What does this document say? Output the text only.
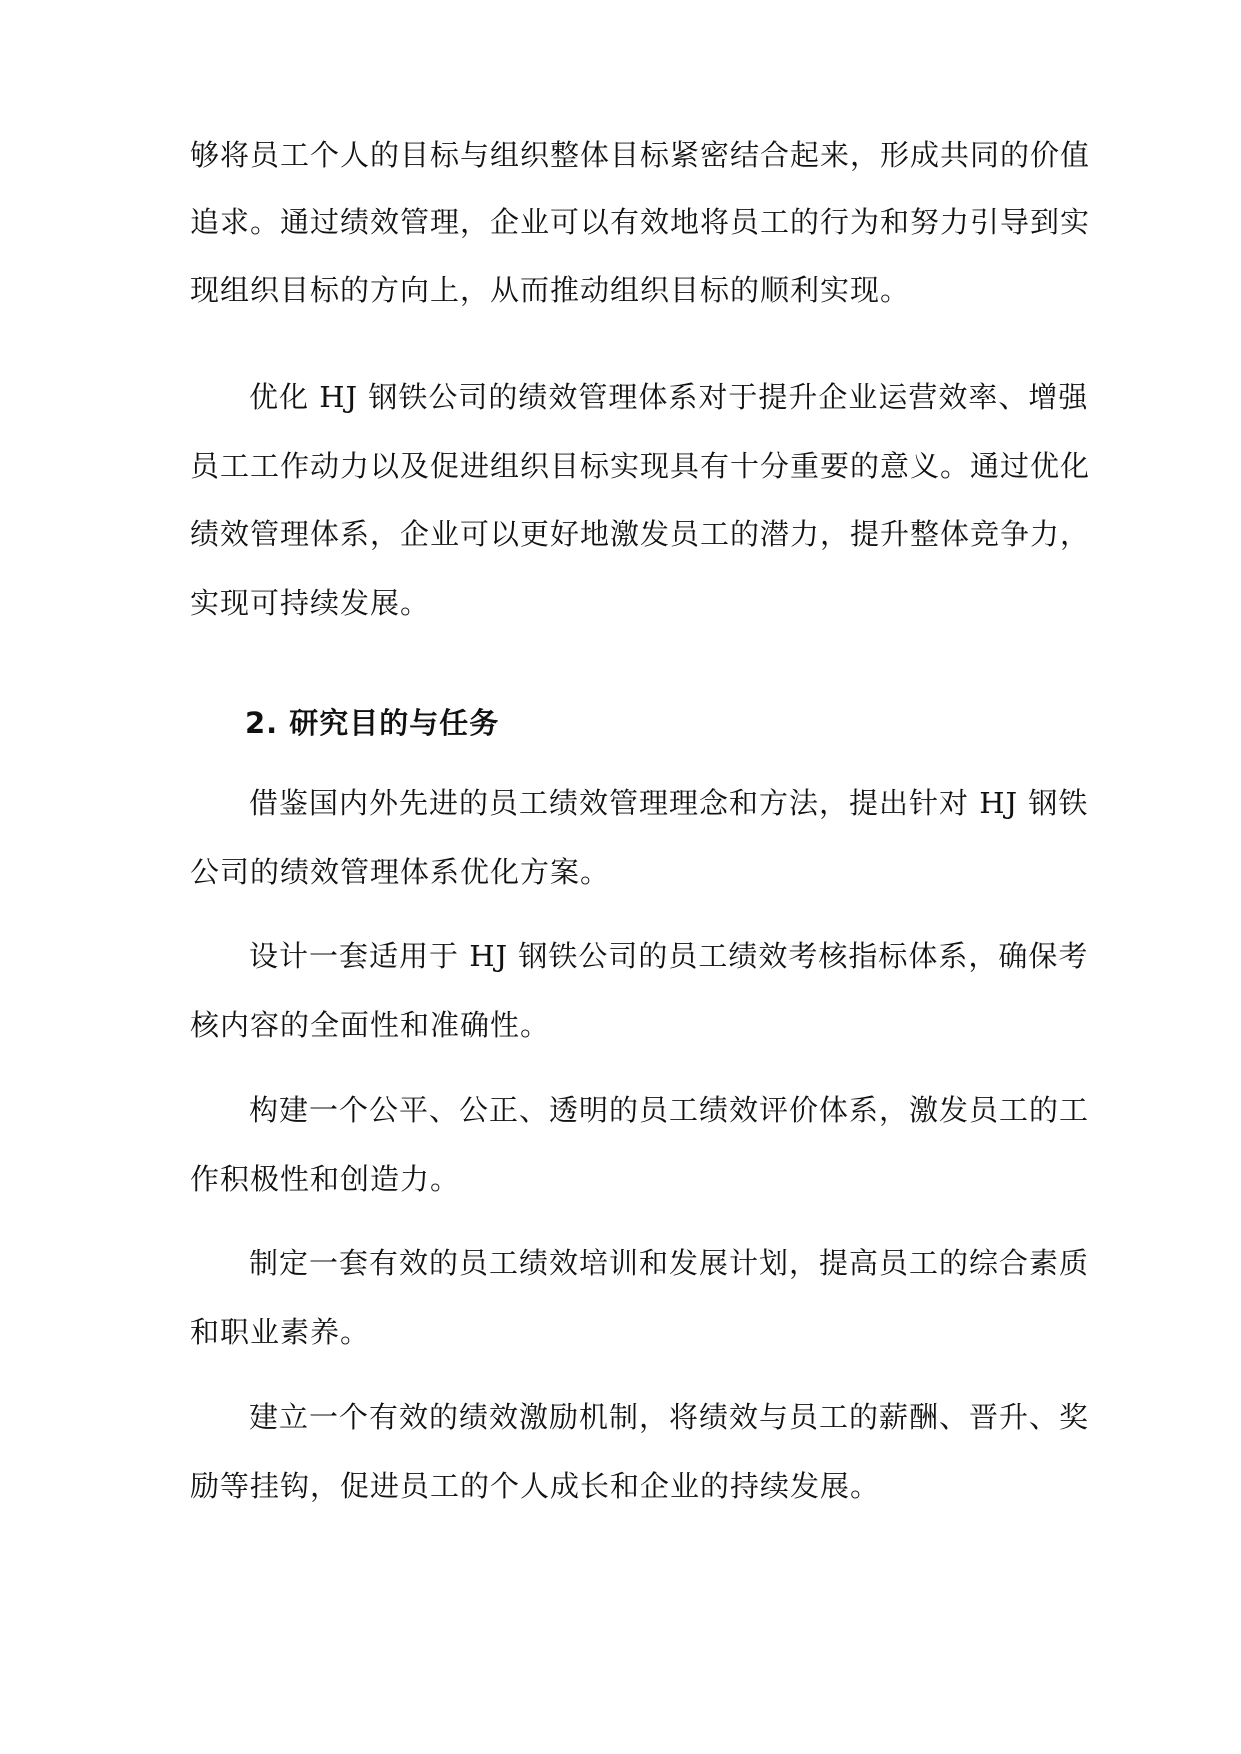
够将员工个人的目标与组织整体目标紧密结合起来，形成共同的价值
追求。通过绩效管理，企业可以有效地将员工的行为和努力引导到实
现组织目标的方向上，从而推动组织目标的顺利实现。
优化 HJ 钢铁公司的绩效管理体系对于提升企业运营效率、增强
员工工作动力以及促进组织目标实现具有十分重要的意义。通过优化
绩效管理体系，企业可以更好地激发员工的潜力，提升整体竞争力，
实现可持续发展。
2. 研究目的与任务
借鉴国内外先进的员工绩效管理理念和方法，提出针对 HJ 钢铁
公司的绩效管理体系优化方案。
设计一套适用于 HJ 钢铁公司的员工绩效考核指标体系，确保考
核内容的全面性和准确性。
构建一个公平、公正、透明的员工绩效评价体系，激发员工的工
作积极性和创造力。
制定一套有效的员工绩效培训和发展计划，提高员工的综合素质
和职业素养。
建立一个有效的绩效激励机制，将绩效与员工的薪酬、晋升、奖
励等挂钩，促进员工的个人成长和企业的持续发展。
